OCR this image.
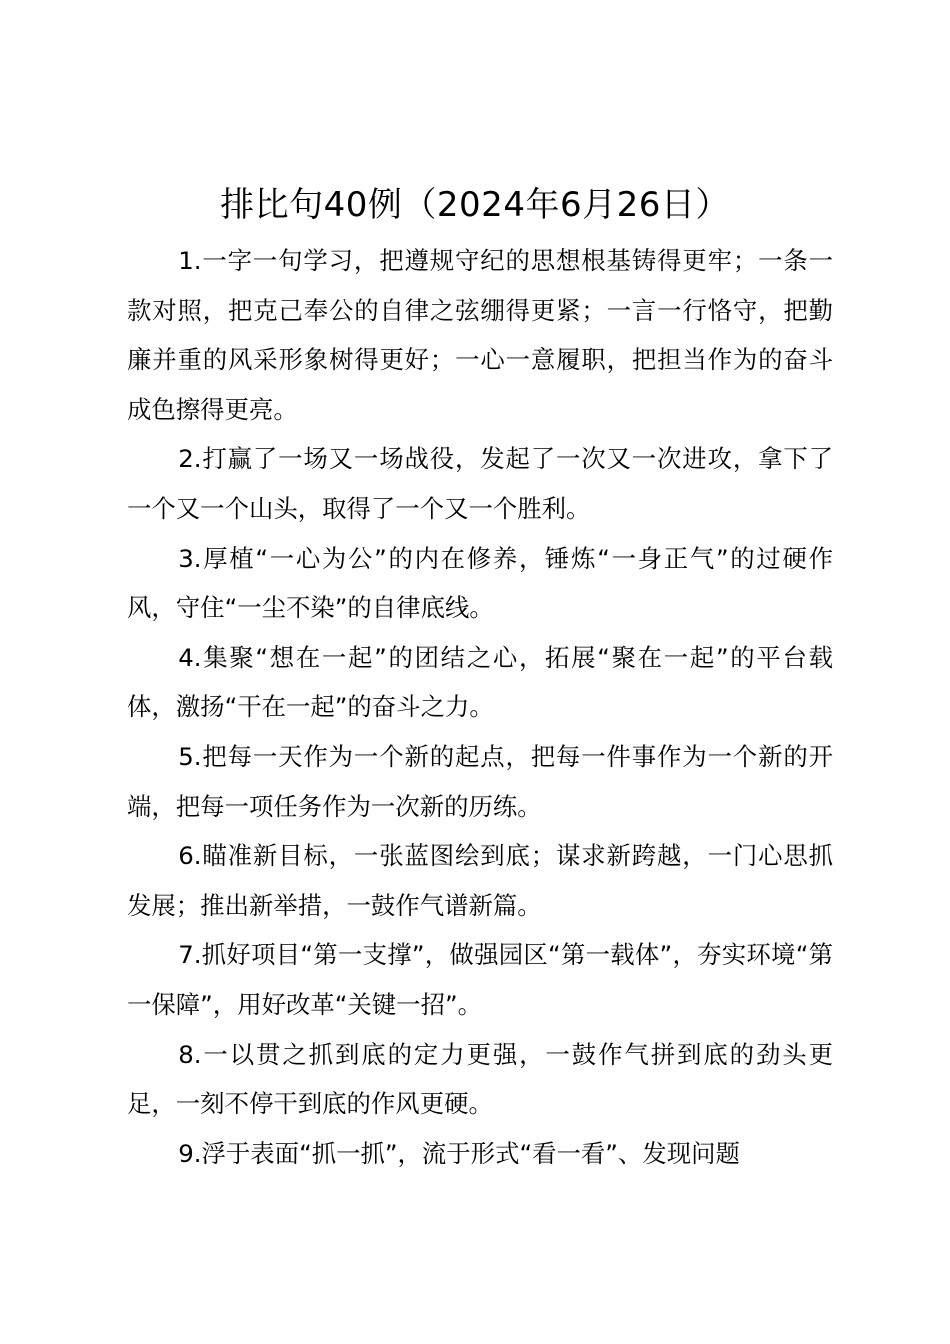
排比句40例（2024年6月26日）

1.一字一句学习，把遵规守纪的思想根基铸得更牢；一条一款对照，把克己奉公的自律之弦绷得更紧；一言一行恪守，把勤廉并重的风采形象树得更好；一心一意履职，把担当作为的奋斗成色擦得更亮。

2.打赢了一场又一场战役，发起了一次又一次进攻，拿下了一个又一个山头，取得了一个又一个胜利。

3.厚植“一心为公”的内在修养，锤炼“一身正气”的过硬作风，守住“一尘不染”的自律底线。

4.集聚“想在一起”的团结之心，拓展“聚在一起”的平台载体，激扬“干在一起”的奋斗之力。

5.把每一天作为一个新的起点，把每一件事作为一个新的开端，把每一项任务作为一次新的历练。

6.瞄准新目标，一张蓝图绘到底；谋求新跨越，一门心思抓发展；推出新举措，一鼓作气谱新篇。

7.抓好项目“第一支撑”，做强园区“第一载体”，夯实环境“第一保障”，用好改革“关键一招”。

8.一以贯之抓到底的定力更强，一鼓作气拼到底的劲头更足，一刻不停干到底的作风更硬。

9.浮于表面“抓一抓”，流于形式“看一看”、发现问题
